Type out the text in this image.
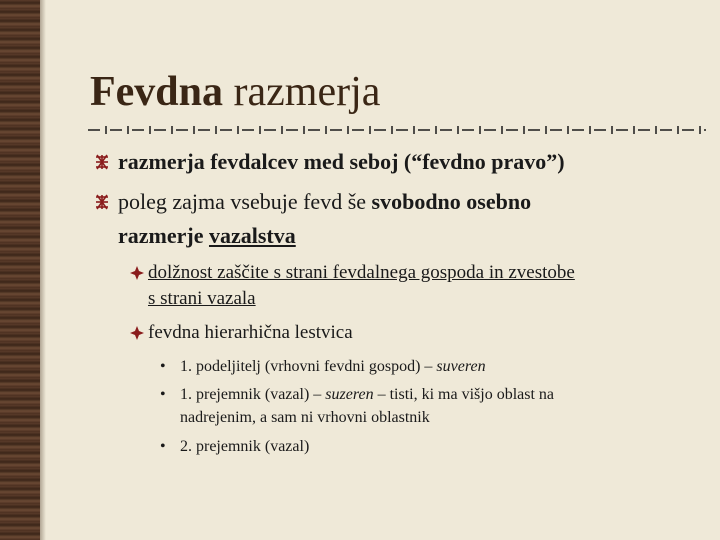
Fevdna razmerja
razmerja fevdalcev med seboj (“fevdno pravo”)
poleg zajma vsebuje fevd še svobodno osebno
razmerje vazalstva
dolžnost zaščite s strani fevdalnega gospoda in zvestobe
s strani vazala
fevdna hierarhična lestvica
• 1. podeljitelj (vrhovni fevdni gospod) – suveren
• 1. prejemnik (vazal) – suzeren – tisti, ki ma višjo oblast na
nadrejenim, a sam ni vrhovni oblastnik
• 2. prejemnik (vazal)
